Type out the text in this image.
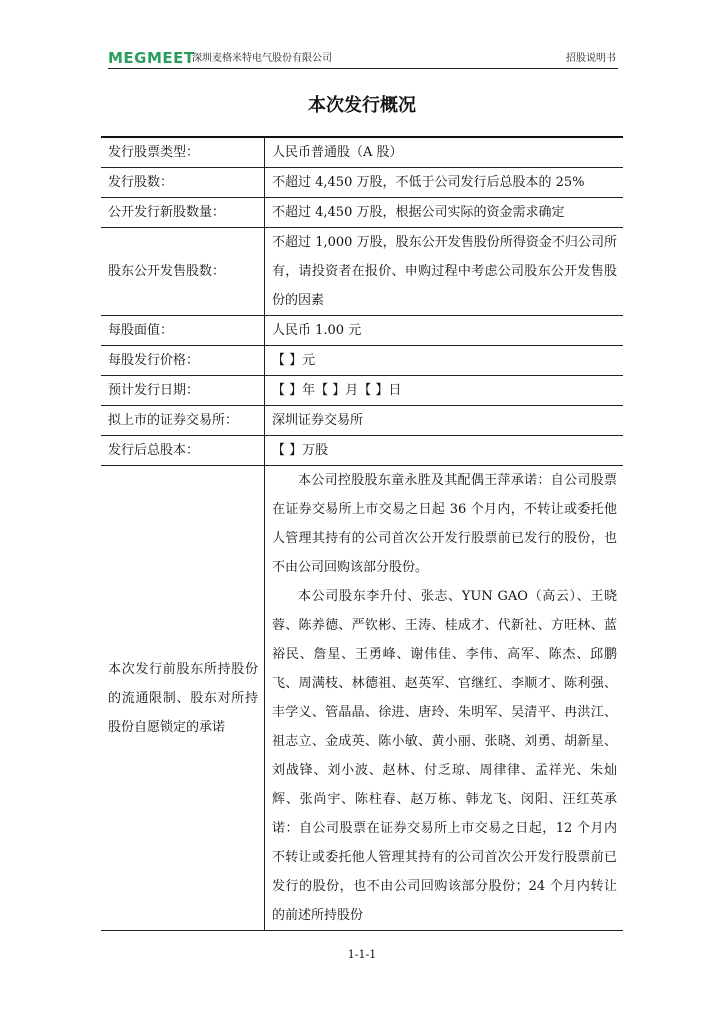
MEGMEET
深圳麦格米特电气股份有限公司	招股说明书
本次发行概况
发行股票类型：	人民币普通股（A 股）
发行股数：	不超过 4,450 万股，不低于公司发行后总股本的 25%
公开发行新股数量：	不超过 4,450 万股，根据公司实际的资金需求确定
股东公开发售股数：	不超过 1,000 万股，股东公开发售股份所得资金不归公司所有，请投资者在报价、申购过程中考虑公司股东公开发售股份的因素
每股面值：	人民币 1.00 元
每股发行价格：	【 】元
预计发行日期：	【 】年【 】月【 】日
拟上市的证券交易所：	深圳证券交易所
发行后总股本：	【 】万股
本次发行前股东所持股份的流通限制、股东对所持股份自愿锁定的承诺	本公司控股股东童永胜及其配偶王萍承诺：自公司股票在证券交易所上市交易之日起 36 个月内，不转让或委托他人管理其持有的公司首次公开发行股票前已发行的股份，也不由公司回购该部分股份。

本公司股东李升付、张志、YUN GAO（高云）、王晓蓉、陈养德、严钦彬、王涛、桂成才、代新社、方旺林、蓝裕民、詹星、王勇峰、谢伟佳、李伟、高军、陈杰、邱鹏飞、周满枝、林德祖、赵英军、官继红、李顺才、陈利强、丰学义、管晶晶、徐进、唐玲、朱明军、吴清平、冉洪江、祖志立、金成英、陈小敏、黄小丽、张晓、刘勇、胡新星、刘战锋、刘小波、赵林、付乏琼、周律律、孟祥光、朱灿辉、张尚宇、陈柱春、赵万栋、韩龙飞、闵阳、汪红英承诺：自公司股票在证券交易所上市交易之日起，12 个月内不转让或委托他人管理其持有的公司首次公开发行股票前已发行的股份，也不由公司回购该部分股份；24 个月内转让的前述所持股份

1-1-1
